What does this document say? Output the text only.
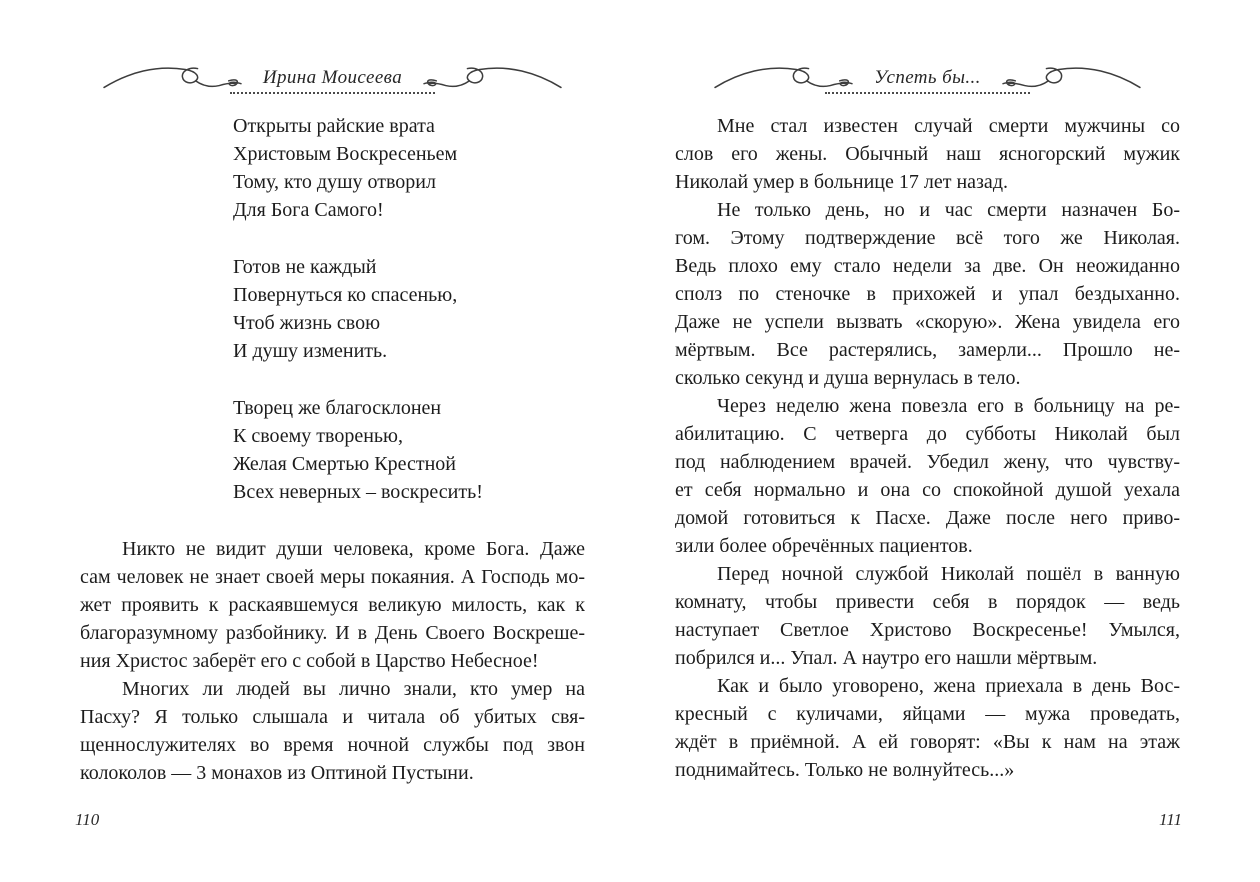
Ирина Моисеева
Открыты райские врата
Христовым Воскресеньем
Тому, кто душу отворил
Для Бога Самого!
Готов не каждый
Повернуться ко спасенью,
Чтоб жизнь свою
И душу изменить.
Творец же благосклонен
К своему творенью,
Желая Смертью Крестной
Всех неверных – воскресить!
Никто не видит души человека, кроме Бога. Даже
сам человек не знает своей меры покаяния. А Господь мо-
жет проявить к раскаявшемуся великую милость, как к
благоразумному разбойнику. И в День Своего Воскреше-
ния Христос заберёт его с собой в Царство Небесное!
Многих ли людей вы лично знали, кто умер на
Пасху? Я только слышала и читала об убитых свя-
щеннослужителях во время ночной службы под звон
колоколов — 3 монахов из Оптиной Пустыни.
110
Успеть бы...
Мне стал известен случай смерти мужчины со
слов его жены. Обычный наш ясногорский мужик
Николай умер в больнице 17 лет назад.
Не только день, но и час смерти назначен Бо-
гом. Этому подтверждение всё того же Николая.
Ведь плохо ему стало недели за две. Он неожиданно
сполз по стеночке в прихожей и упал бездыханно.
Даже не успели вызвать «скорую». Жена увидела его
мёртвым. Все растерялись, замерли... Прошло не-
сколько секунд и душа вернулась в тело.
Через неделю жена повезла его в больницу на ре-
абилитацию. С четверга до субботы Николай был
под наблюдением врачей. Убедил жену, что чувству-
ет себя нормально и она со спокойной душой уехала
домой готовиться к Пасхе. Даже после него приво-
зили более обречённых пациентов.
Перед ночной службой Николай пошёл в ванную
комнату, чтобы привести себя в порядок — ведь
наступает Светлое Христово Воскресенье! Умылся,
побрился и... Упал. А наутро его нашли мёртвым.
Как и было уговорено, жена приехала в день Вос-
кресный с куличами, яйцами — мужа проведать,
ждёт в приёмной. А ей говорят: «Вы к нам на этаж
поднимайтесь. Только не волнуйтесь...»
111
